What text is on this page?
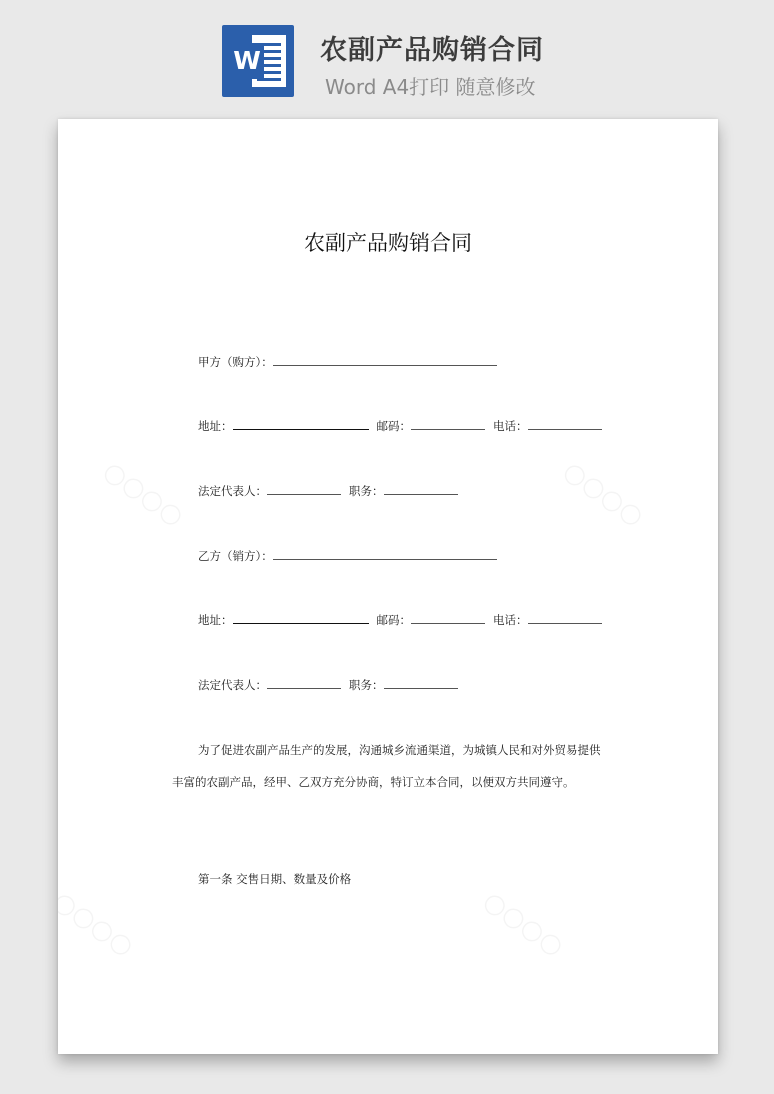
W 农副产品购销合同
Word A4打印 随意修改
农副产品购销合同
甲方（购方）：
地址：	邮码：	电话：
法定代表人：	职务：
乙方（销方）：
地址：	邮码：	电话：
法定代表人：	职务：
为了促进农副产品生产的发展，沟通城乡流通渠道，为城镇人民和对外贸易提供丰富的农副产品，经甲、乙双方充分协商，特订立本合同，以便双方共同遵守。
第一条 交售日期、数量及价格
